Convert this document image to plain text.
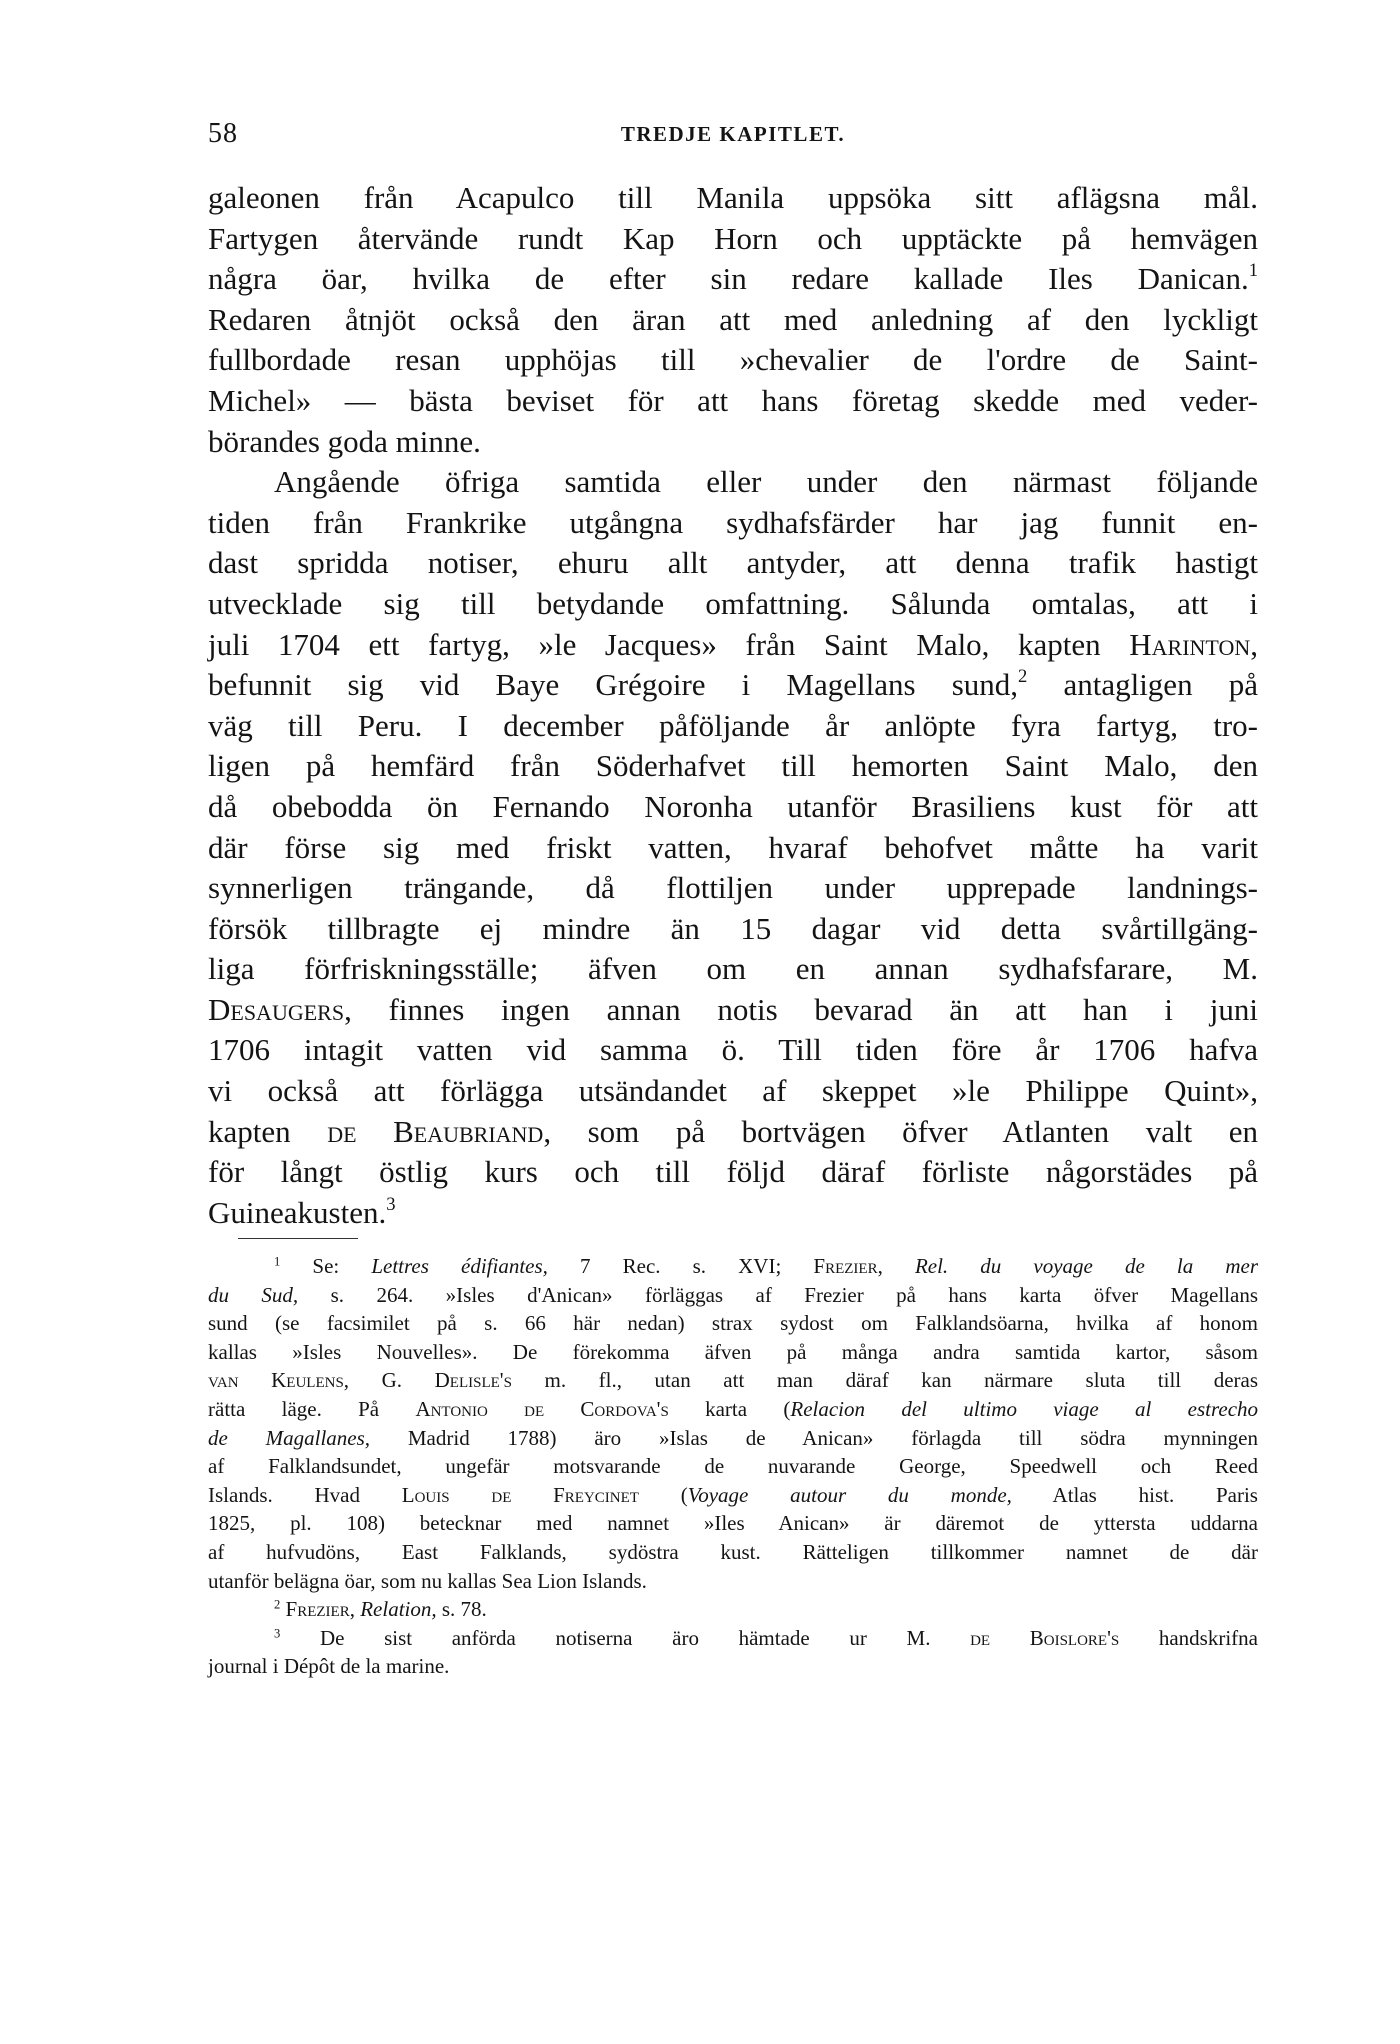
58	TREDJE KAPITLET.
galeonen från Acapulco till Manila uppsöka sitt aflägsna mål.
Fartygen återvände rundt Kap Horn och upptäckte på hemvägen
några öar, hvilka de efter sin redare kallade Iles Danican.$^1$
Redaren åtnjöt också den äran att med anledning af den lyckligt
fullbordade resan upphöjas till »chevalier de l'ordre de Saint-
Michel» — bästa beviset för att hans företag skedde med veder-
börandes goda minne.
Angående öfriga samtida eller under den närmast följande
tiden från Frankrike utgångna sydhafsfärder har jag funnit en-
dast spridda notiser, ehuru allt antyder, att denna trafik hastigt
utvecklade sig till betydande omfattning. Sålunda omtalas, att i
juli 1704 ett fartyg, »le Jacques» från Saint Malo, kapten Harinton,
befunnit sig vid Baye Grégoire i Magellans sund,$^2$ antagligen på
väg till Peru. I december påföljande år anlöpte fyra fartyg, tro-
ligen på hemfärd från Söderhafvet till hemorten Saint Malo, den
då obebodda ön Fernando Noronha utanför Brasiliens kust för att
där förse sig med friskt vatten, hvaraf behofvet måtte ha varit
synnerligen trängande, då flottiljen under upprepade landnings-
försök tillbragte ej mindre än 15 dagar vid detta svårtillgäng-
liga förfriskningsställe; äfven om en annan sydhafsfarare, M.
Desaugers, finnes ingen annan notis bevarad än att han i juni
1706 intagit vatten vid samma ö. Till tiden före år 1706 hafva
vi också att förlägga utsändandet af skeppet »le Philippe Quint»,
kapten de Beaubriand, som på bortvägen öfver Atlanten valt en
för långt östlig kurs och till följd däraf förliste någorstädes på
Guineakusten.$^3$
$^1$ Se: Lettres édifiantes, 7 Rec. s. XVI; Frezier, Rel. du voyage de la mer
du Sud, s. 264. »Isles d'Anican» förläggas af Frezier på hans karta öfver Magellans
sund (se facsimilet på s. 66 här nedan) strax sydost om Falklandsöarna, hvilka af honom
kallas »Isles Nouvelles». De förekomma äfven på många andra samtida kartor, såsom
van Keulens, G. Delisle's m. fl., utan att man däraf kan närmare sluta till deras
rätta läge. På Antonio de Cordova's karta (Relacion del ultimo viage al estrecho
de Magallanes, Madrid 1788) äro »Islas de Anican» förlagda till södra mynningen
af Falklandsundet, ungefär motsvarande de nuvarande George, Speedwell och Reed
Islands. Hvad Louis de Freycinet (Voyage autour du monde, Atlas hist. Paris
1825, pl. 108) betecknar med namnet »Iles Anican» är däremot de yttersta uddarna
af hufvudöns, East Falklands, sydöstra kust. Rätteligen tillkommer namnet de där
utanför belägna öar, som nu kallas Sea Lion Islands.
$^2$ Frezier, Relation, s. 78.
$^3$ De sist anförda notiserna äro hämtade ur M. de Boislore's handskrifna
journal i Dépôt de la marine.
